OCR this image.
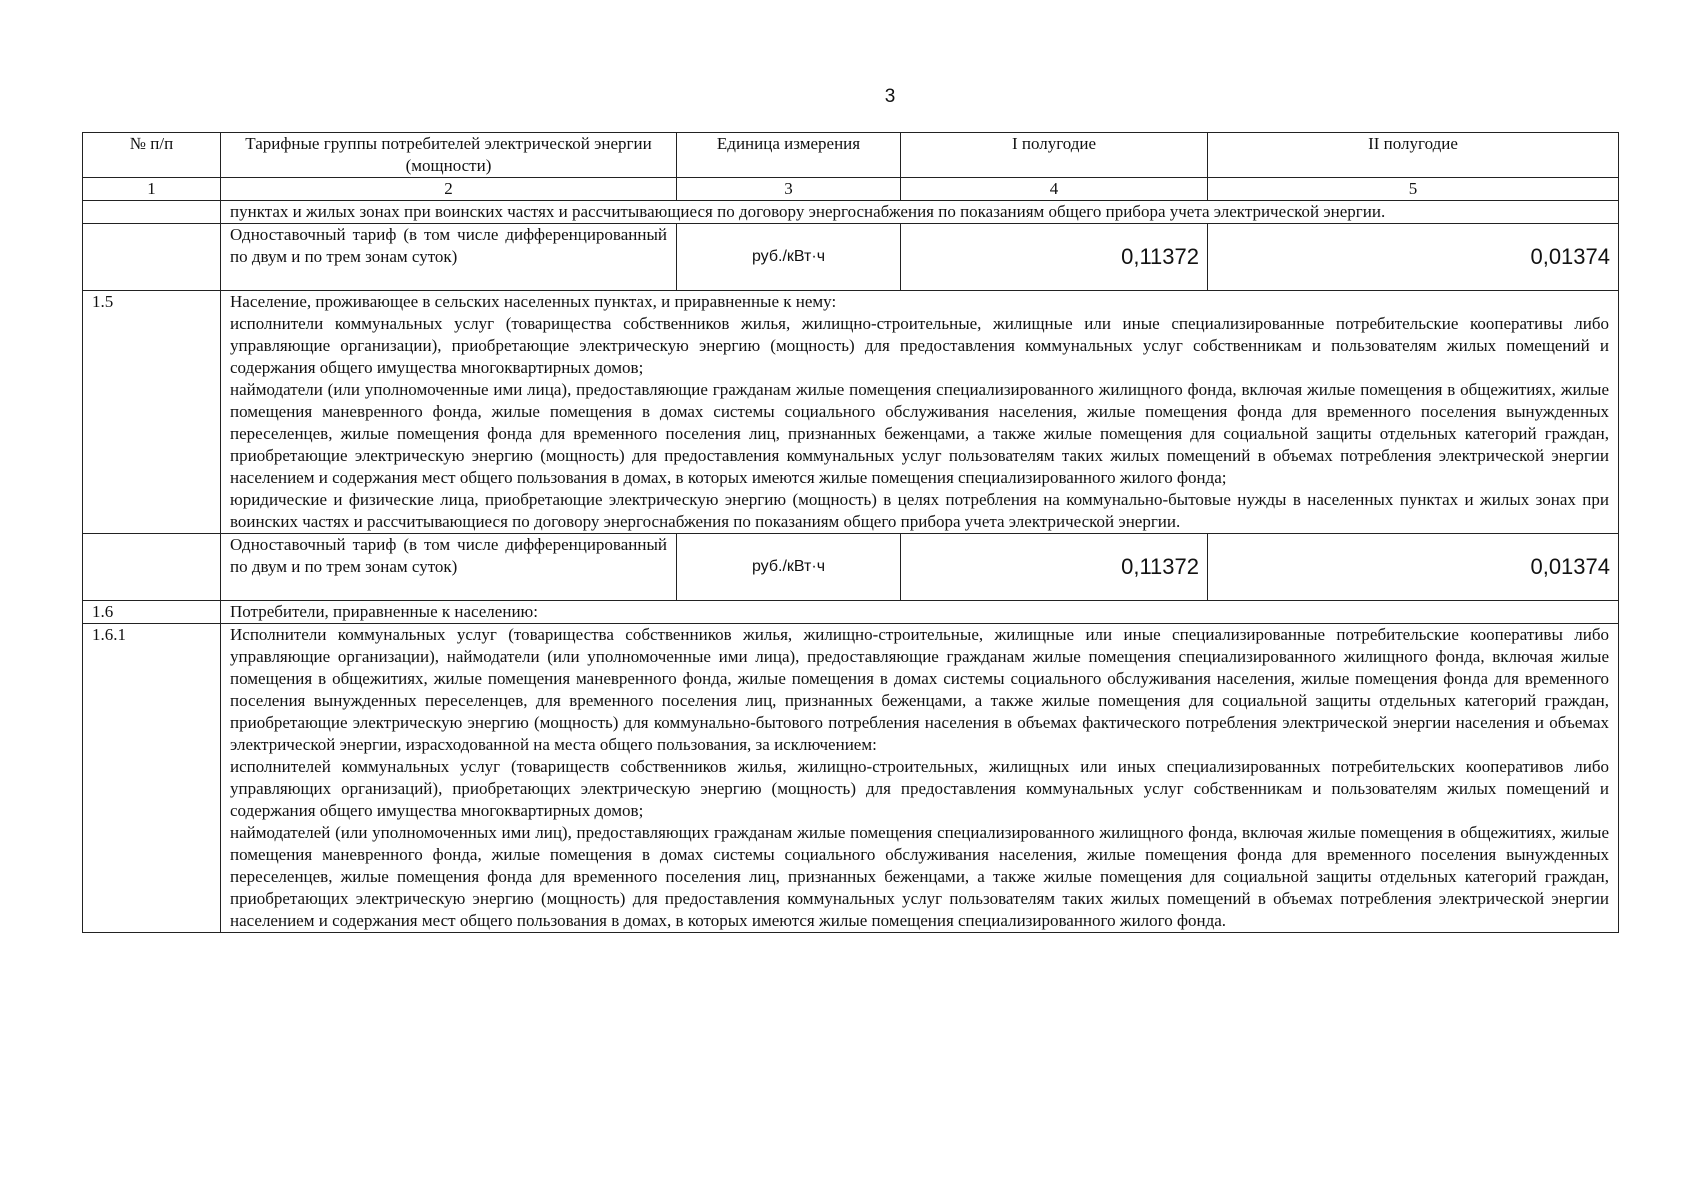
3
№ п/п	Тарифные группы потребителей электрической энергии (мощности)	Единица измерения	I полугодие	II полугодие
1	2	3	4	5
	пунктах и жилых зонах при воинских частях и рассчитывающиеся по договору энергоснабжения по показаниям общего прибора учета электрической энергии.			
	Одноставочный тариф (в том числе дифференцированный по двум и по трем зонам суток)	руб./кВт·ч	0,11372	0,01374
1.5	Население, проживающее в сельских населенных пунктах, и приравненные к нему:
исполнители коммунальных услуг (товарищества собственников жилья, жилищно-строительные, жилищные или иные специализированные потребительские кооперативы либо управляющие организации), приобретающие электрическую энергию (мощность) для предоставления коммунальных услуг собственникам и пользователям жилых помещений и содержания общего имущества многоквартирных домов;
наймодатели (или уполномоченные ими лица), предоставляющие гражданам жилые помещения специализированного жилищного фонда, включая жилые помещения в общежитиях, жилые помещения маневренного фонда, жилые помещения в домах системы социального обслуживания населения, жилые помещения фонда для временного поселения вынужденных переселенцев, жилые помещения фонда для временного поселения лиц, признанных беженцами, а также жилые помещения для социальной защиты отдельных категорий граждан, приобретающие электрическую энергию (мощность) для предоставления коммунальных услуг пользователям таких жилых помещений в объемах потребления электрической энергии населением и содержания мест общего пользования в домах, в которых имеются жилые помещения специализированного жилого фонда;
юридические и физические лица, приобретающие электрическую энергию (мощность) в целях потребления на коммунально-бытовые нужды в населенных пунктах и жилых зонах при воинских частях и рассчитывающиеся по договору энергоснабжения по показаниям общего прибора учета электрической энергии.			

	Одноставочный тариф (в том числе дифференцированный по двум и по трем зонам суток)	руб./кВт·ч	0,11372	0,01374
1.6	Потребители, приравненные к населению:			
1.6.1	Исполнители коммунальных услуг (товарищества собственников жилья, жилищно-строительные, жилищные или иные специализированные потребительские кооперативы либо управляющие организации), наймодатели (или уполномоченные ими лица), предоставляющие гражданам жилые помещения специализированного жилищного фонда, включая жилые помещения в общежитиях, жилые помещения маневренного фонда, жилые помещения в домах системы социального обслуживания населения, жилые помещения фонда для временного поселения вынужденных переселенцев, для временного поселения лиц, признанных беженцами, а также жилые помещения для социальной защиты отдельных категорий граждан, приобретающие электрическую энергию (мощность) для коммунально-бытового потребления населения в объемах фактического потребления электрической энергии населения и объемах электрической энергии, израсходованной на места общего пользования, за исключением:
исполнителей коммунальных услуг (товариществ собственников жилья, жилищно-строительных, жилищных или иных специализированных потребительских кооперативов либо управляющих организаций), приобретающих электрическую энергию (мощность) для предоставления коммунальных услуг собственникам и пользователям жилых помещений и содержания общего имущества многоквартирных домов;
наймодателей (или уполномоченных ими лиц), предоставляющих гражданам жилые помещения специализированного жилищного фонда, включая жилые помещения в общежитиях, жилые помещения маневренного фонда, жилые помещения в домах системы социального обслуживания населения, жилые помещения фонда для временного поселения вынужденных переселенцев, жилые помещения фонда для временного поселения лиц, признанных беженцами, а также жилые помещения для социальной защиты отдельных категорий граждан, приобретающих электрическую энергию (мощность) для предоставления коммунальных услуг пользователям таких жилых помещений в объемах потребления электрической энергии населением и содержания мест общего пользования в домах, в которых имеются жилые помещения специализированного жилого фонда.			
